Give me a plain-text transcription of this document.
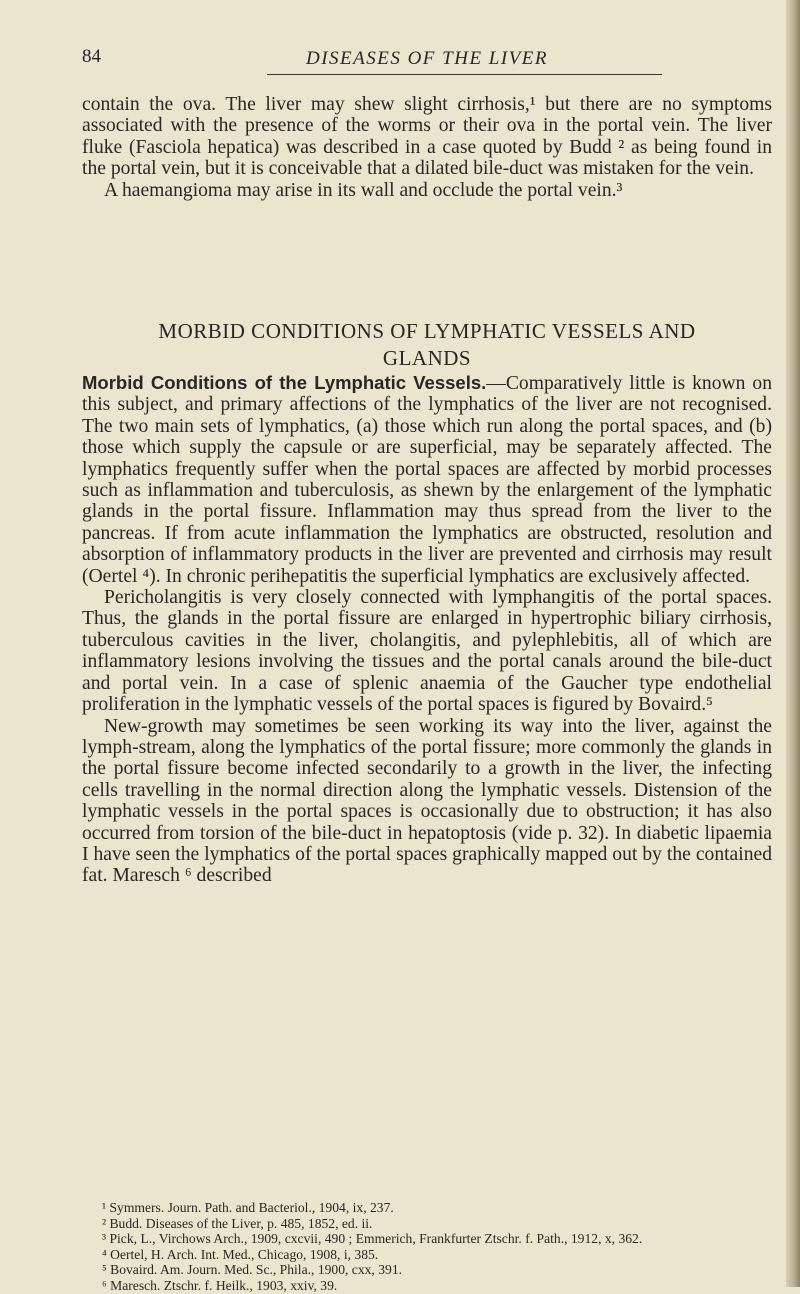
84	DISEASES OF THE LIVER

contain the ova. The liver may shew slight cirrhosis,¹ but there are no symptoms associated with the presence of the worms or their ova in the portal vein. The liver fluke (Fasciola hepatica) was described in a case quoted by Budd ² as being found in the portal vein, but it is conceivable that a dilated bile-duct was mistaken for the vein.

A haemangioma may arise in its wall and occlude the portal vein.³

MORBID CONDITIONS OF LYMPHATIC VESSELS AND
GLANDS

Morbid Conditions of the Lymphatic Vessels.—Comparatively little is known on this subject, and primary affections of the lymphatics of the liver are not recognised. The two main sets of lymphatics, (a) those which run along the portal spaces, and (b) those which supply the capsule or are superficial, may be separately affected. The lymphatics frequently suffer when the portal spaces are affected by morbid processes such as inflammation and tuberculosis, as shewn by the enlargement of the lymphatic glands in the portal fissure. Inflammation may thus spread from the liver to the pancreas. If from acute inflammation the lymphatics are obstructed, resolution and absorption of inflammatory products in the liver are prevented and cirrhosis may result (Oertel ⁴). In chronic perihepatitis the superficial lymphatics are exclusively affected.

Pericholangitis is very closely connected with lymphangitis of the portal spaces. Thus, the glands in the portal fissure are enlarged in hypertrophic biliary cirrhosis, tuberculous cavities in the liver, cholangitis, and pylephlebitis, all of which are inflammatory lesions involving the tissues and the portal canals around the bile-duct and portal vein. In a case of splenic anaemia of the Gaucher type endothelial proliferation in the lymphatic vessels of the portal spaces is figured by Bovaird.⁵

New-growth may sometimes be seen working its way into the liver, against the lymph-stream, along the lymphatics of the portal fissure; more commonly the glands in the portal fissure become infected secondarily to a growth in the liver, the infecting cells travelling in the normal direction along the lymphatic vessels. Distension of the lymphatic vessels in the portal spaces is occasionally due to obstruction; it has also occurred from torsion of the bile-duct in hepatoptosis (vide p. 32). In diabetic lipaemia I have seen the lymphatics of the portal spaces graphically mapped out by the contained fat. Maresch ⁶ described

¹ Symmers. Journ. Path. and Bacteriol., 1904, ix, 237.

² Budd. Diseases of the Liver, p. 485, 1852, ed. ii.

³ Pick, L., Virchows Arch., 1909, cxcvii, 490 ; Emmerich, Frankfurter Ztschr. f. Path., 1912, x, 362.

⁴ Oertel, H. Arch. Int. Med., Chicago, 1908, i, 385.

⁵ Bovaird. Am. Journ. Med. Sc., Phila., 1900, cxx, 391.

⁶ Maresch. Ztschr. f. Heilk., 1903, xxiv, 39.
